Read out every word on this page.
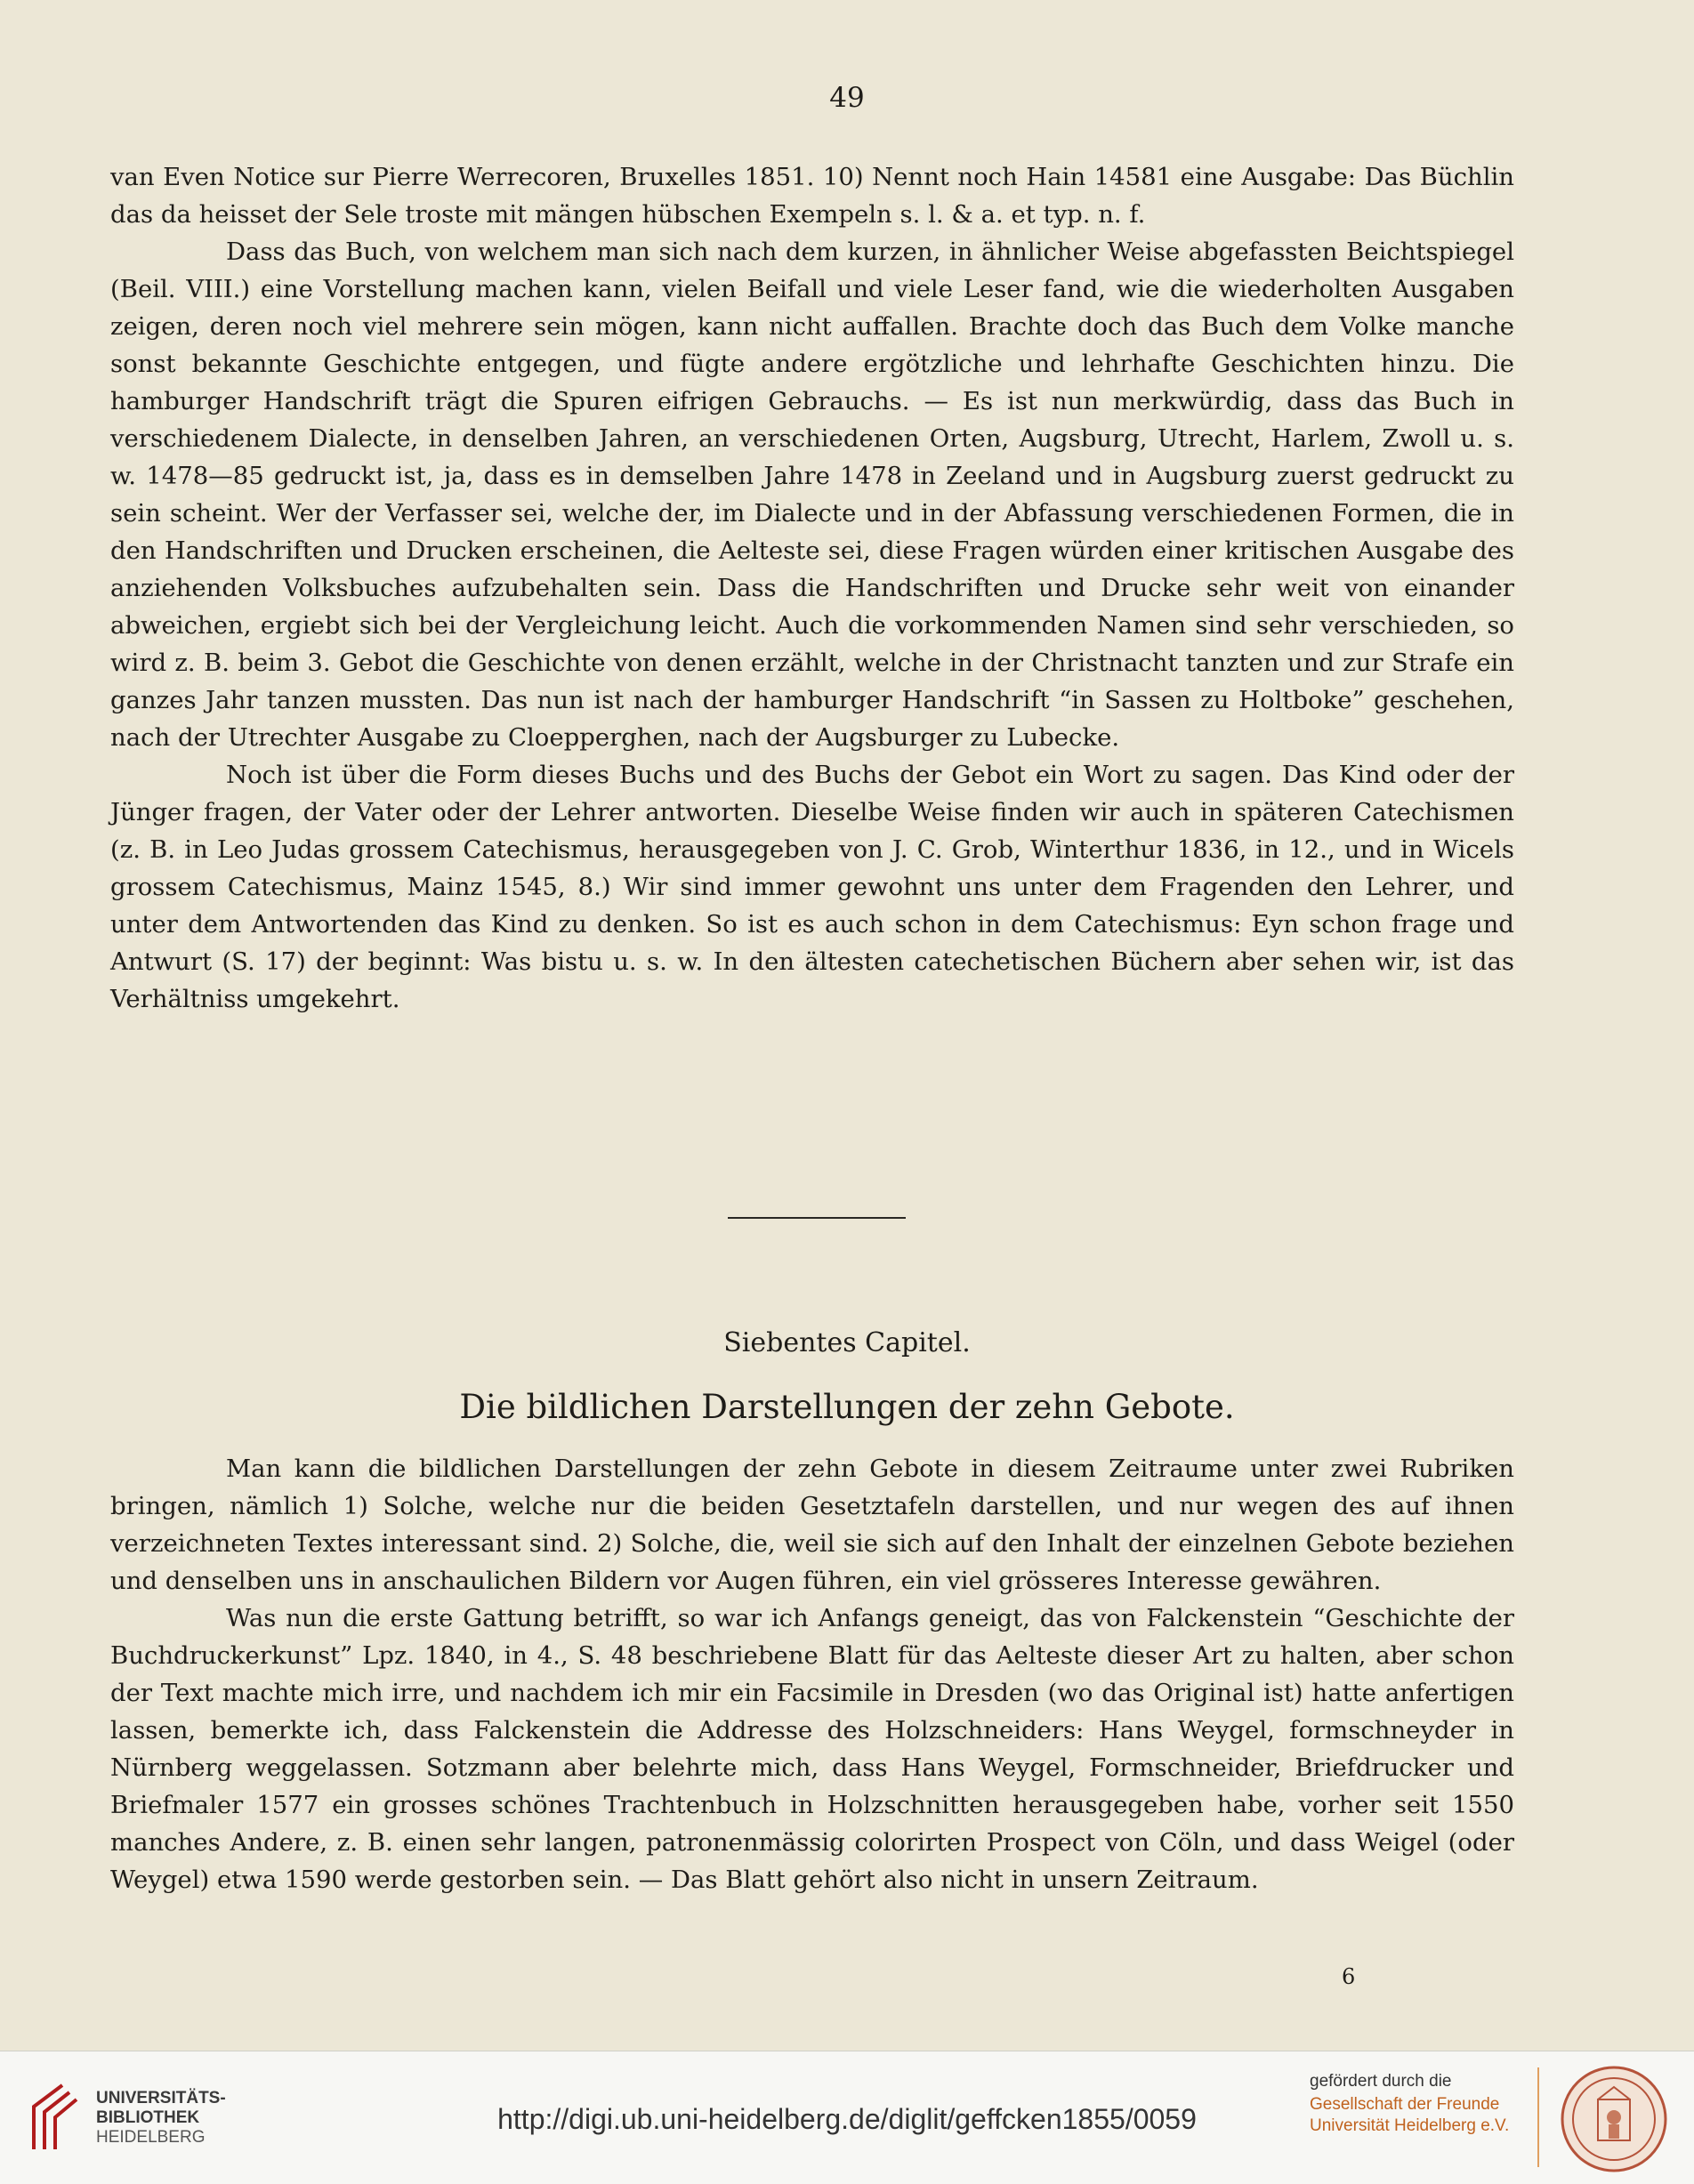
49

van Even Notice sur Pierre Werrecoren, Bruxelles 1851. 10) Nennt noch Hain 14581 eine Ausgabe: Das Büchlin das da heisset der Sele troste mit mängen hübschen Exempeln s. l. & a. et typ. n. f.

Dass das Buch, von welchem man sich nach dem kurzen, in ähnlicher Weise abgefassten Beichtspiegel (Beil. VIII.) eine Vorstellung machen kann, vielen Beifall und viele Leser fand, wie die wiederholten Ausgaben zeigen, deren noch viel mehrere sein mögen, kann nicht auffallen. Brachte doch das Buch dem Volke manche sonst bekannte Geschichte entgegen, und fügte andere ergötzliche und lehrhafte Geschichten hinzu. Die hamburger Handschrift trägt die Spuren eifrigen Gebrauchs. — Es ist nun merkwürdig, dass das Buch in verschiedenem Dialecte, in denselben Jahren, an verschiedenen Orten, Augsburg, Utrecht, Harlem, Zwoll u. s. w. 1478—85 gedruckt ist, ja, dass es in demselben Jahre 1478 in Zeeland und in Augsburg zuerst gedruckt zu sein scheint. Wer der Verfasser sei, welche der, im Dialecte und in der Abfassung verschiedenen Formen, die in den Handschriften und Drucken erscheinen, die Aelteste sei, diese Fragen würden einer kritischen Ausgabe des anziehenden Volksbuches aufzubehalten sein. Dass die Handschriften und Drucke sehr weit von einander abweichen, ergiebt sich bei der Vergleichung leicht. Auch die vorkommenden Namen sind sehr verschieden, so wird z. B. beim 3. Gebot die Geschichte von denen erzählt, welche in der Christnacht tanzten und zur Strafe ein ganzes Jahr tanzen mussten. Das nun ist nach der hamburger Handschrift “in Sassen zu Holtboke” geschehen, nach der Utrechter Ausgabe zu Cloepperghen, nach der Augsburger zu Lubecke.

Noch ist über die Form dieses Buchs und des Buchs der Gebot ein Wort zu sagen. Das Kind oder der Jünger fragen, der Vater oder der Lehrer antworten. Dieselbe Weise finden wir auch in späteren Catechismen (z. B. in Leo Judas grossem Catechismus, herausgegeben von J. C. Grob, Winterthur 1836, in 12., und in Wicels grossem Catechismus, Mainz 1545, 8.) Wir sind immer gewohnt uns unter dem Fragenden den Lehrer, und unter dem Antwortenden das Kind zu denken. So ist es auch schon in dem Catechismus: Eyn schon frage und Antwurt (S. 17) der beginnt: Was bistu u. s. w. In den ältesten catechetischen Büchern aber sehen wir, ist das Verhältniss umgekehrt.

Siebentes Capitel.
Die bildlichen Darstellungen der zehn Gebote.

Man kann die bildlichen Darstellungen der zehn Gebote in diesem Zeitraume unter zwei Rubriken bringen, nämlich 1) Solche, welche nur die beiden Gesetztafeln darstellen, und nur wegen des auf ihnen verzeichneten Textes interessant sind. 2) Solche, die, weil sie sich auf den Inhalt der einzelnen Gebote beziehen und denselben uns in anschaulichen Bildern vor Augen führen, ein viel grösseres Interesse gewähren.

Was nun die erste Gattung betrifft, so war ich Anfangs geneigt, das von Falckenstein “Geschichte der Buchdruckerkunst” Lpz. 1840, in 4., S. 48 beschriebene Blatt für das Aelteste dieser Art zu halten, aber schon der Text machte mich irre, und nachdem ich mir ein Facsimile in Dresden (wo das Original ist) hatte anfertigen lassen, bemerkte ich, dass Falckenstein die Addresse des Holzschneiders: Hans Weygel, formschneyder in Nürnberg weggelassen. Sotzmann aber belehrte mich, dass Hans Weygel, Formschneider, Briefdrucker und Briefmaler 1577 ein grosses schönes Trachtenbuch in Holzschnitten herausgegeben habe, vorher seit 1550 manches Andere, z. B. einen sehr langen, patronenmässig colorirten Prospect von Cöln, und dass Weigel (oder Weygel) etwa 1590 werde gestorben sein. — Das Blatt gehört also nicht in unsern Zeitraum.

6
UNIVERSITÄTS-
BIBLIOTHEK
HEIDELBERG
http://digi.ub.uni-heidelberg.de/diglit/geffcken1855/0059
gefördert durch die
Gesellschaft der Freunde
Universität Heidelberg e.V.
